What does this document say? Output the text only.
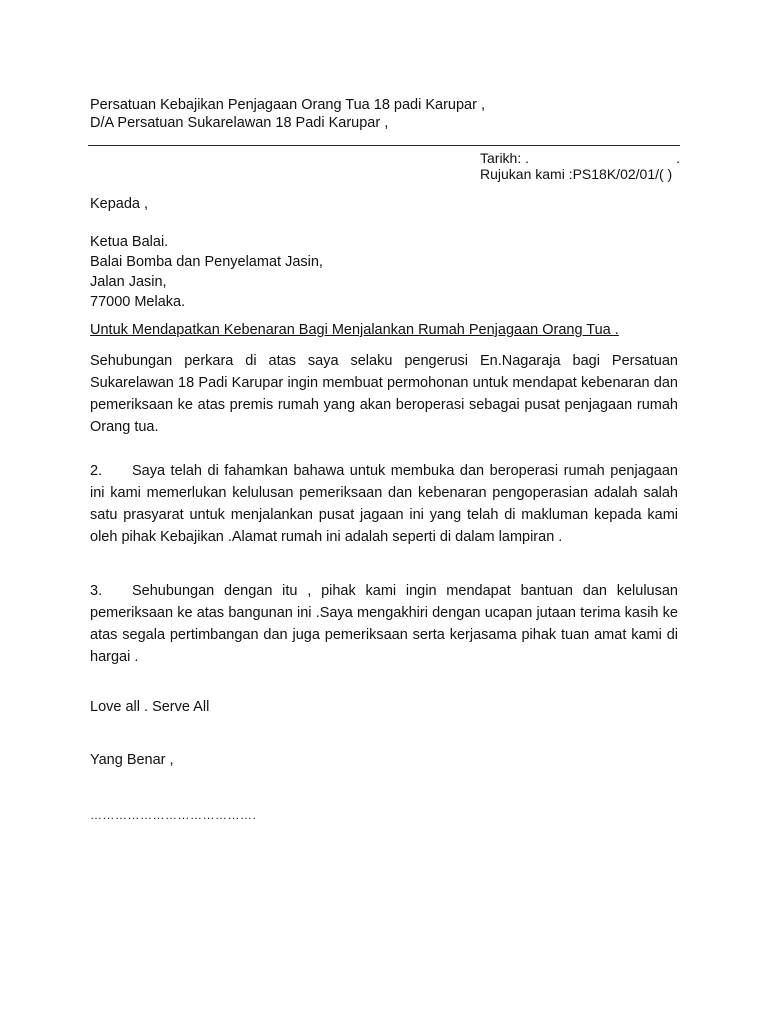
Persatuan Kebajikan Penjagaan Orang Tua 18 padi Karupar ,
D/A Persatuan Sukarelawan 18 Padi Karupar ,
Tarikh: .	.
Rujukan kami :PS18K/02/01/( )
Kepada ,
Ketua Balai.
Balai Bomba dan Penyelamat Jasin,
Jalan Jasin,
77000 Melaka.
Untuk Mendapatkan Kebenaran Bagi Menjalankan Rumah Penjagaan Orang Tua .
Sehubungan perkara di atas saya selaku pengerusi En.Nagaraja bagi Persatuan Sukarelawan 18 Padi Karupar ingin membuat permohonan untuk mendapat kebenaran dan pemeriksaan ke atas premis rumah yang akan beroperasi sebagai pusat penjagaan rumah Orang tua.
2. Saya telah di fahamkan bahawa untuk membuka dan beroperasi rumah penjagaan ini kami memerlukan kelulusan pemeriksaan dan kebenaran pengoperasian adalah salah satu prasyarat untuk menjalankan pusat jagaan ini yang telah di makluman kepada kami oleh pihak Kebajikan .Alamat rumah ini adalah seperti di dalam lampiran .
3. Sehubungan dengan itu , pihak kami ingin mendapat bantuan dan kelulusan pemeriksaan ke atas bangunan ini .Saya mengakhiri dengan ucapan jutaan terima kasih ke atas segala pertimbangan dan juga pemeriksaan serta kerjasama pihak tuan amat kami di hargai .
Love all . Serve All
Yang Benar ,
………………………………….
